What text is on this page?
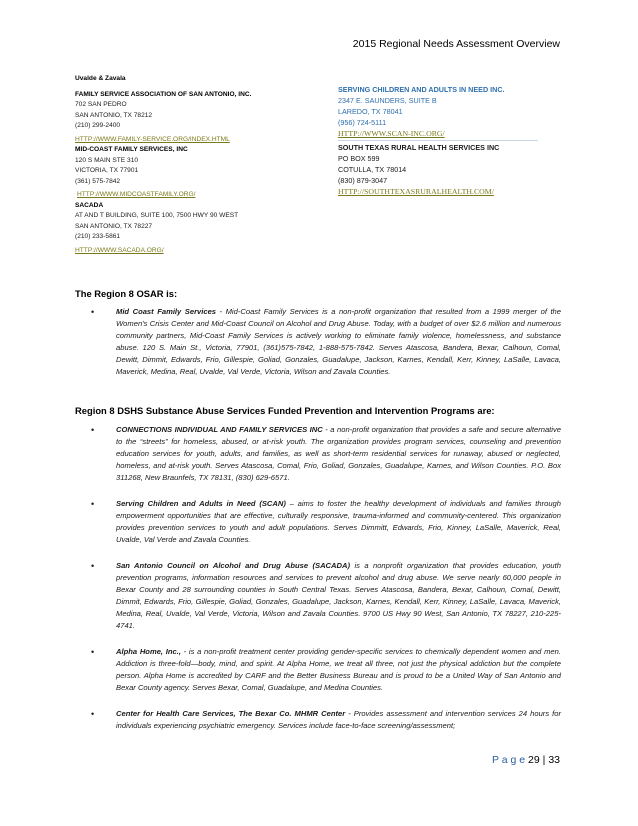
2015 Regional Needs Assessment Overview
Uvalde & Zavala
FAMILY SERVICE ASSOCIATION OF SAN ANTONIO, INC.
702 SAN PEDRO
SAN ANTONIO, TX 78212
(210) 299-2400
HTTP://WWW.FAMILY-SERVICE.ORG/INDEX.HTML
MID-COAST FAMILY SERVICES, INC
120 S MAIN STE 310
VICTORIA, TX 77901
(361) 575-7842
HTTP://WWW.MIDCOASTFAMILY.ORG/
SACADA
AT AND T BUILDING, SUITE 100, 7500 HWY 90 WEST
SAN ANTONIO, TX 78227
(210) 233-5861
HTTP://WWW.SACADA.ORG/
SERVING CHILDREN AND ADULTS IN NEED INC.
2347 E. SAUNDERS, SUITE B
LAREDO, TX 78041
(956) 724-5111
HTTP://WWW.SCAN-INC.ORG/
SOUTH TEXAS RURAL HEALTH SERVICES INC
PO BOX 599
COTULLA, TX 78014
(830) 879-3047
HTTP://SOUTHTEXASRURALHEALTH.COM/
The Region 8 OSAR is:
•	Mid Coast Family Services - Mid-Coast Family Services is a non-profit organization that resulted from a 1999 merger of the Women's Crisis Center and Mid-Coast Council on Alcohol and Drug Abuse. Today, with a budget of over $2.6 million and numerous community partners, Mid-Coast Family Services is actively working to eliminate family violence, homelessness, and substance abuse. 120 S. Main St., Victoria, 77901, (361)575-7842, 1-888-575-7842. Serves Atascosa, Bandera, Bexar, Calhoun, Comal, Dewitt, Dimmit, Edwards, Frio, Gillespie, Goliad, Gonzales, Guadalupe, Jackson, Karnes, Kendall, Kerr, Kinney, LaSalle, Lavaca, Maverick, Medina, Real, Uvalde, Val Verde, Victoria, Wilson and Zavala Counties.
Region 8 DSHS Substance Abuse Services Funded Prevention and Intervention Programs are:
•	CONNECTIONS INDIVIDUAL AND FAMILY SERVICES INC - a non-profit organization that provides a safe and secure alternative to the “streets” for homeless, abused, or at-risk youth. The organization provides program services, counseling and prevention education services for youth, adults, and families, as well as short-term residential services for runaway, abused or neglected, homeless, and at-risk youth. Serves Atascosa, Comal, Frio, Goliad, Gonzales, Guadalupe, Karnes, and Wilson Counties. P.O. Box 311268, New Braunfels, TX 78131, (830) 629-6571.
•	Serving Children and Adults in Need (SCAN) – aims to foster the healthy development of individuals and families through empowerment opportunities that are effective, culturally responsive, trauma-informed and community-centered. This organization provides prevention services to youth and adult populations. Serves Dimmitt, Edwards, Frio, Kinney, LaSalle, Maverick, Real, Uvalde, Val Verde and Zavala Counties.
•	San Antonio Council on Alcohol and Drug Abuse (SACADA) is a nonprofit organization that provides education, youth prevention programs, information resources and services to prevent alcohol and drug abuse. We serve nearly 60,000 people in Bexar County and 28 surrounding counties in South Central Texas. Serves Atascosa, Bandera, Bexar, Calhoun, Comal, Dewitt, Dimmit, Edwards, Frio, Gillespie, Goliad, Gonzales, Guadalupe, Jackson, Karnes, Kendall, Kerr, Kinney, LaSalle, Lavaca, Maverick, Medina, Real, Uvalde, Val Verde, Victoria, Wilson and Zavala Counties. 9700 US Hwy 90 West, San Antonio, TX 78227, 210-225-4741.
•	Alpha Home, Inc., - is a non-profit treatment center providing gender-specific services to chemically dependent women and men. Addiction is three-fold—body, mind, and spirit. At Alpha Home, we treat all three, not just the physical addiction but the complete person. Alpha Home is accredited by CARF and the Better Business Bureau and is proud to be a United Way of San Antonio and Bexar County agency. Serves Bexar, Comal, Guadalupe, and Medina Counties.
•	Center for Health Care Services, The Bexar Co. MHMR Center - Provides assessment and intervention services 24 hours for individuals experiencing psychiatric emergency. Services include face-to-face screening/assessment;
P a g e 29 | 33
